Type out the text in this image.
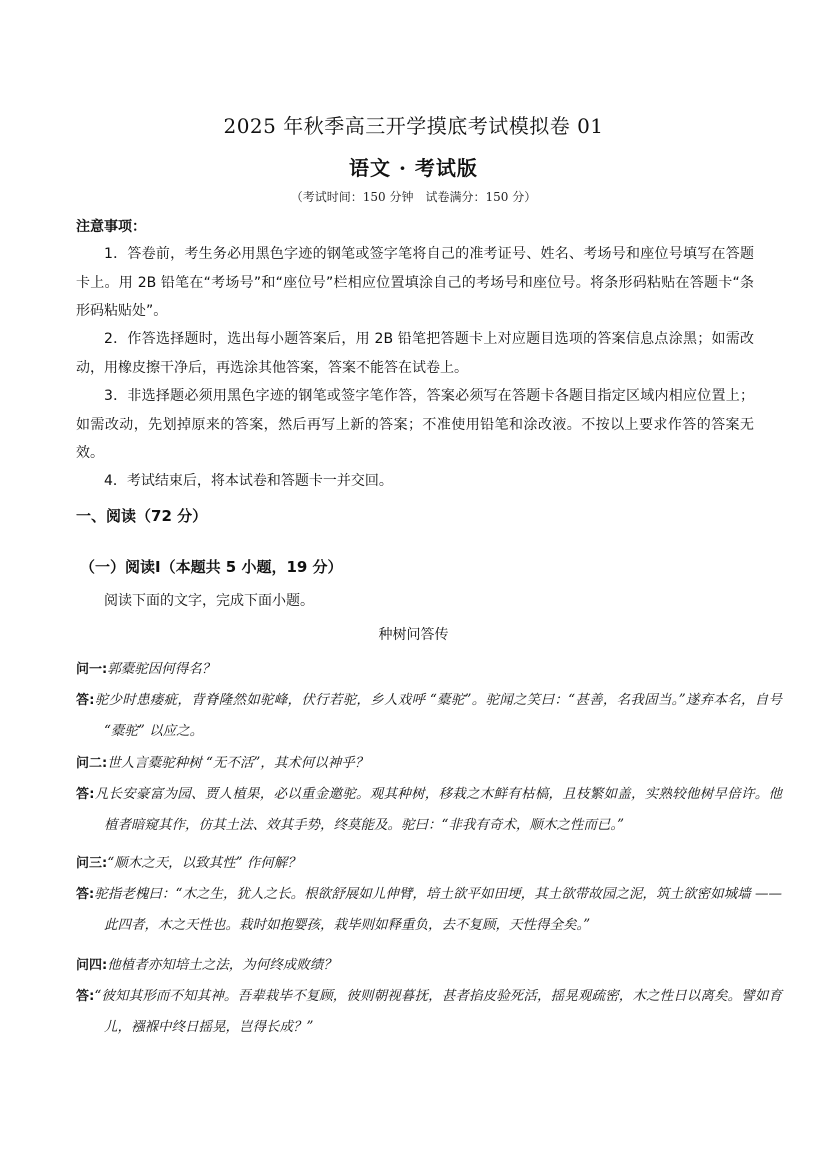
2025 年秋季高三开学摸底考试模拟卷 01
语文 · 考试版
（考试时间：150 分钟　试卷满分：150 分）
注意事项：
1．答卷前，考生务必用黑色字迹的钢笔或签字笔将自己的准考证号、姓名、考场号和座位号填写在答题卡上。用 2B 铅笔在“考场号”和“座位号”栏相应位置填涂自己的考场号和座位号。将条形码粘贴在答题卡“条形码粘贴处”。
2．作答选择题时，选出每小题答案后，用 2B 铅笔把答题卡上对应题目选项的答案信息点涂黑；如需改动，用橡皮擦干净后，再选涂其他答案，答案不能答在试卷上。
3．非选择题必须用黑色字迹的钢笔或签字笔作答，答案必须写在答题卡各题目指定区域内相应位置上；如需改动，先划掉原来的答案，然后再写上新的答案；不准使用铅笔和涂改液。不按以上要求作答的答案无效。
4．考试结束后，将本试卷和答题卡一并交回。
一、阅读（72 分）
（一）阅读Ⅰ（本题共 5 小题，19 分）
阅读下面的文字，完成下面小题。
种树问答传
问一:郭橐驼因何得名？
答:驼少时患瘘疵，背脊隆然如驼峰，伏行若驼，乡人戏呼 “橐驼”。驼闻之笑曰：“甚善，名我固当。”遂弃本名，自号 “橐驼” 以应之。
问二:世人言橐驼种树 “无不活”，其术何以神乎？
答:凡长安豪富为园、贾人植果，必以重金邀驼。观其种树，移栽之木鲜有枯槁，且枝繁如盖，实熟较他树早倍许。他植者暗窥其作，仿其土法、效其手势，终莫能及。驼曰：“非我有奇术，顺木之性而已。”
问三:“顺木之天，以致其性” 作何解？
答:驼指老槐曰：“木之生，犹人之长。根欲舒展如儿伸臂，培土欲平如田埂，其土欲带故园之泥，筑土欲密如城墙 —— 此四者，木之天性也。栽时如抱婴孩，栽毕则如释重负，去不复顾，天性得全矣。”
问四:他植者亦知培土之法，为何终成败绩？
答:“彼知其形而不知其神。吾辈栽毕不复顾，彼则朝视暮抚，甚者掐皮验死活，摇晃观疏密，木之性日以离矣。譬如育儿，襁褓中终日摇晃，岂得长成？”
